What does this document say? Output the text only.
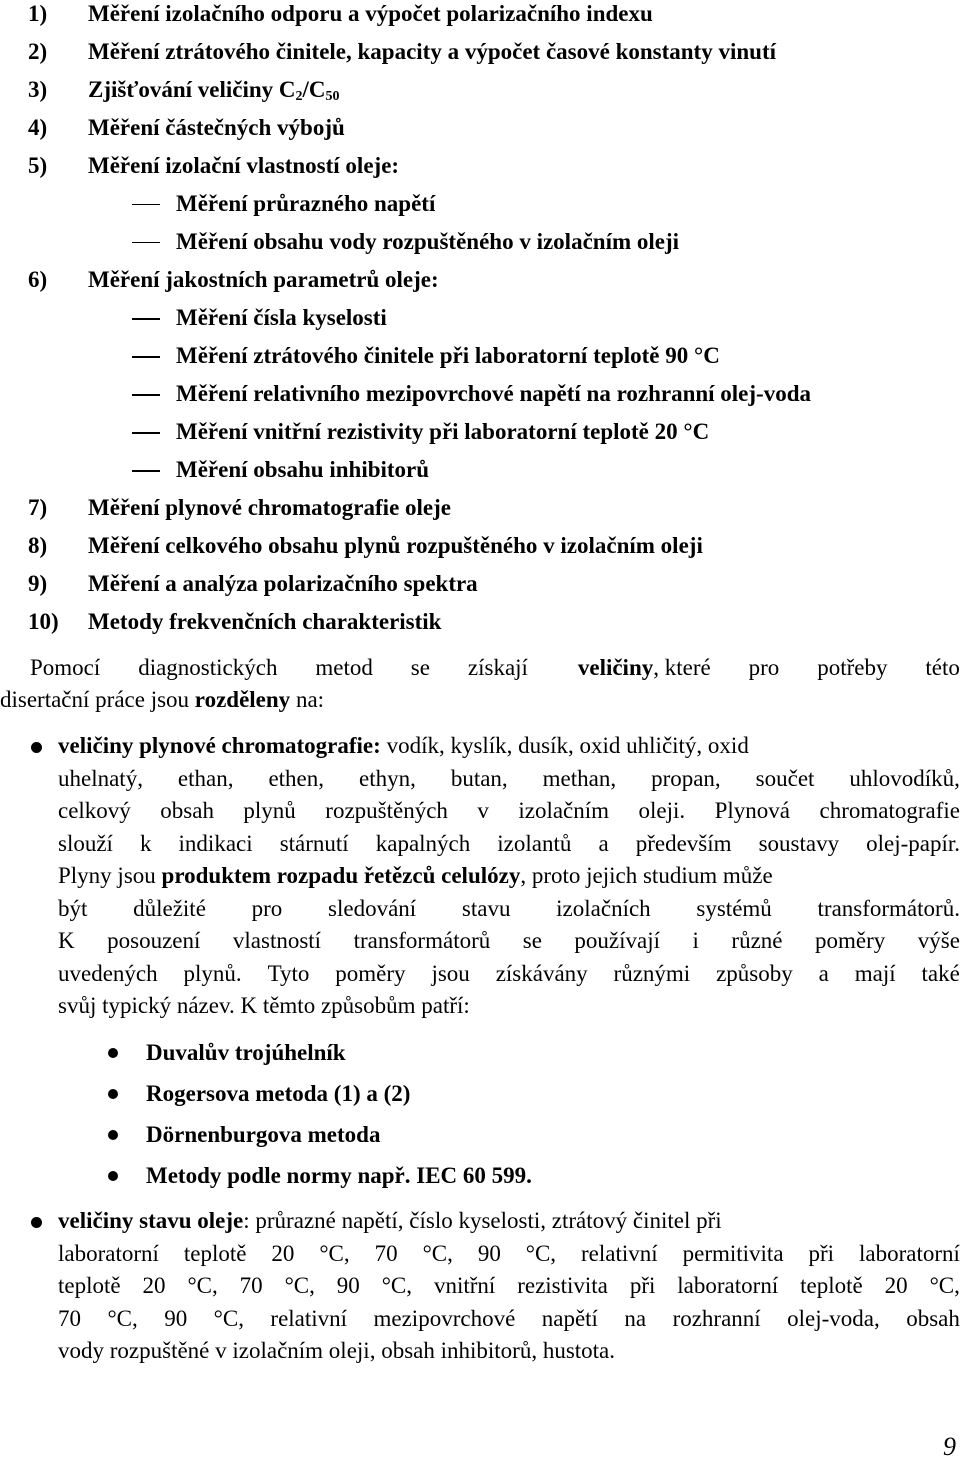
1)	Měření izolačního odporu a výpočet polarizačního indexu
2)	Měření ztrátového činitele, kapacity a výpočet časové konstanty vinutí
3)	Zjišťování veličiny $C_2/C_{50}$
4)	Měření částečných výbojů
5)	Měření izolační vlastností oleje:
Měření průrazného napětí
Měření obsahu vody rozpuštěného v izolačním oleji
6)	Měření jakostních parametrů oleje:
Měření čísla kyselosti
Měření ztrátového činitele při laboratorní teplotě 90 °C
Měření relativního mezipovrchové napětí na rozhranní olej-voda
Měření vnitřní rezistivity při laboratorní teplotě 20 °C
Měření obsahu inhibitorů
7)	Měření plynové chromatografie oleje
8)	Měření celkového obsahu plynů rozpuštěného v izolačním oleji
9)	Měření a analýza polarizačního spektra
10)	Metody frekvenčních charakteristik
Pomocí diagnostických metod se získají	veličiny, které pro potřeby této
disertační práce jsou rozděleny na:
veličiny plynové chromatografie: vodík, kyslík, dusík, oxid uhličitý, oxid
uhelnatý, ethan, ethen, ethyn, butan, methan, propan, součet uhlovodíků,
celkový obsah plynů rozpuštěných v izolačním oleji. Plynová chromatografie
slouží k indikaci stárnutí kapalných izolantů a především soustavy olej-papír.
Plyny jsou produktem rozpadu řetězců celulózy, proto jejich studium může
být důležité pro sledování stavu izolačních systémů transformátorů.
K posouzení vlastností transformátorů se používají i různé poměry výše
uvedených plynů. Tyto poměry jsou získávány různými způsoby a mají také
svůj typický název. K těmto způsobům patří:
Duvalův trojúhelník
Rogersova metoda (1) a (2)
Dörnenburgova metoda
Metody podle normy např. IEC 60 599.
veličiny stavu oleje: průrazné napětí, číslo kyselosti, ztrátový činitel při
laboratorní teplotě 20 °C, 70 °C, 90 °C, relativní permitivita při laboratorní
teplotě 20 °C, 70 °C, 90 °C, vnitřní rezistivita při laboratorní teplotě 20 °C,
70 °C, 90 °C, relativní mezipovrchové napětí na rozhranní olej-voda, obsah
vody rozpuštěné v izolačním oleji, obsah inhibitorů, hustota.
9
